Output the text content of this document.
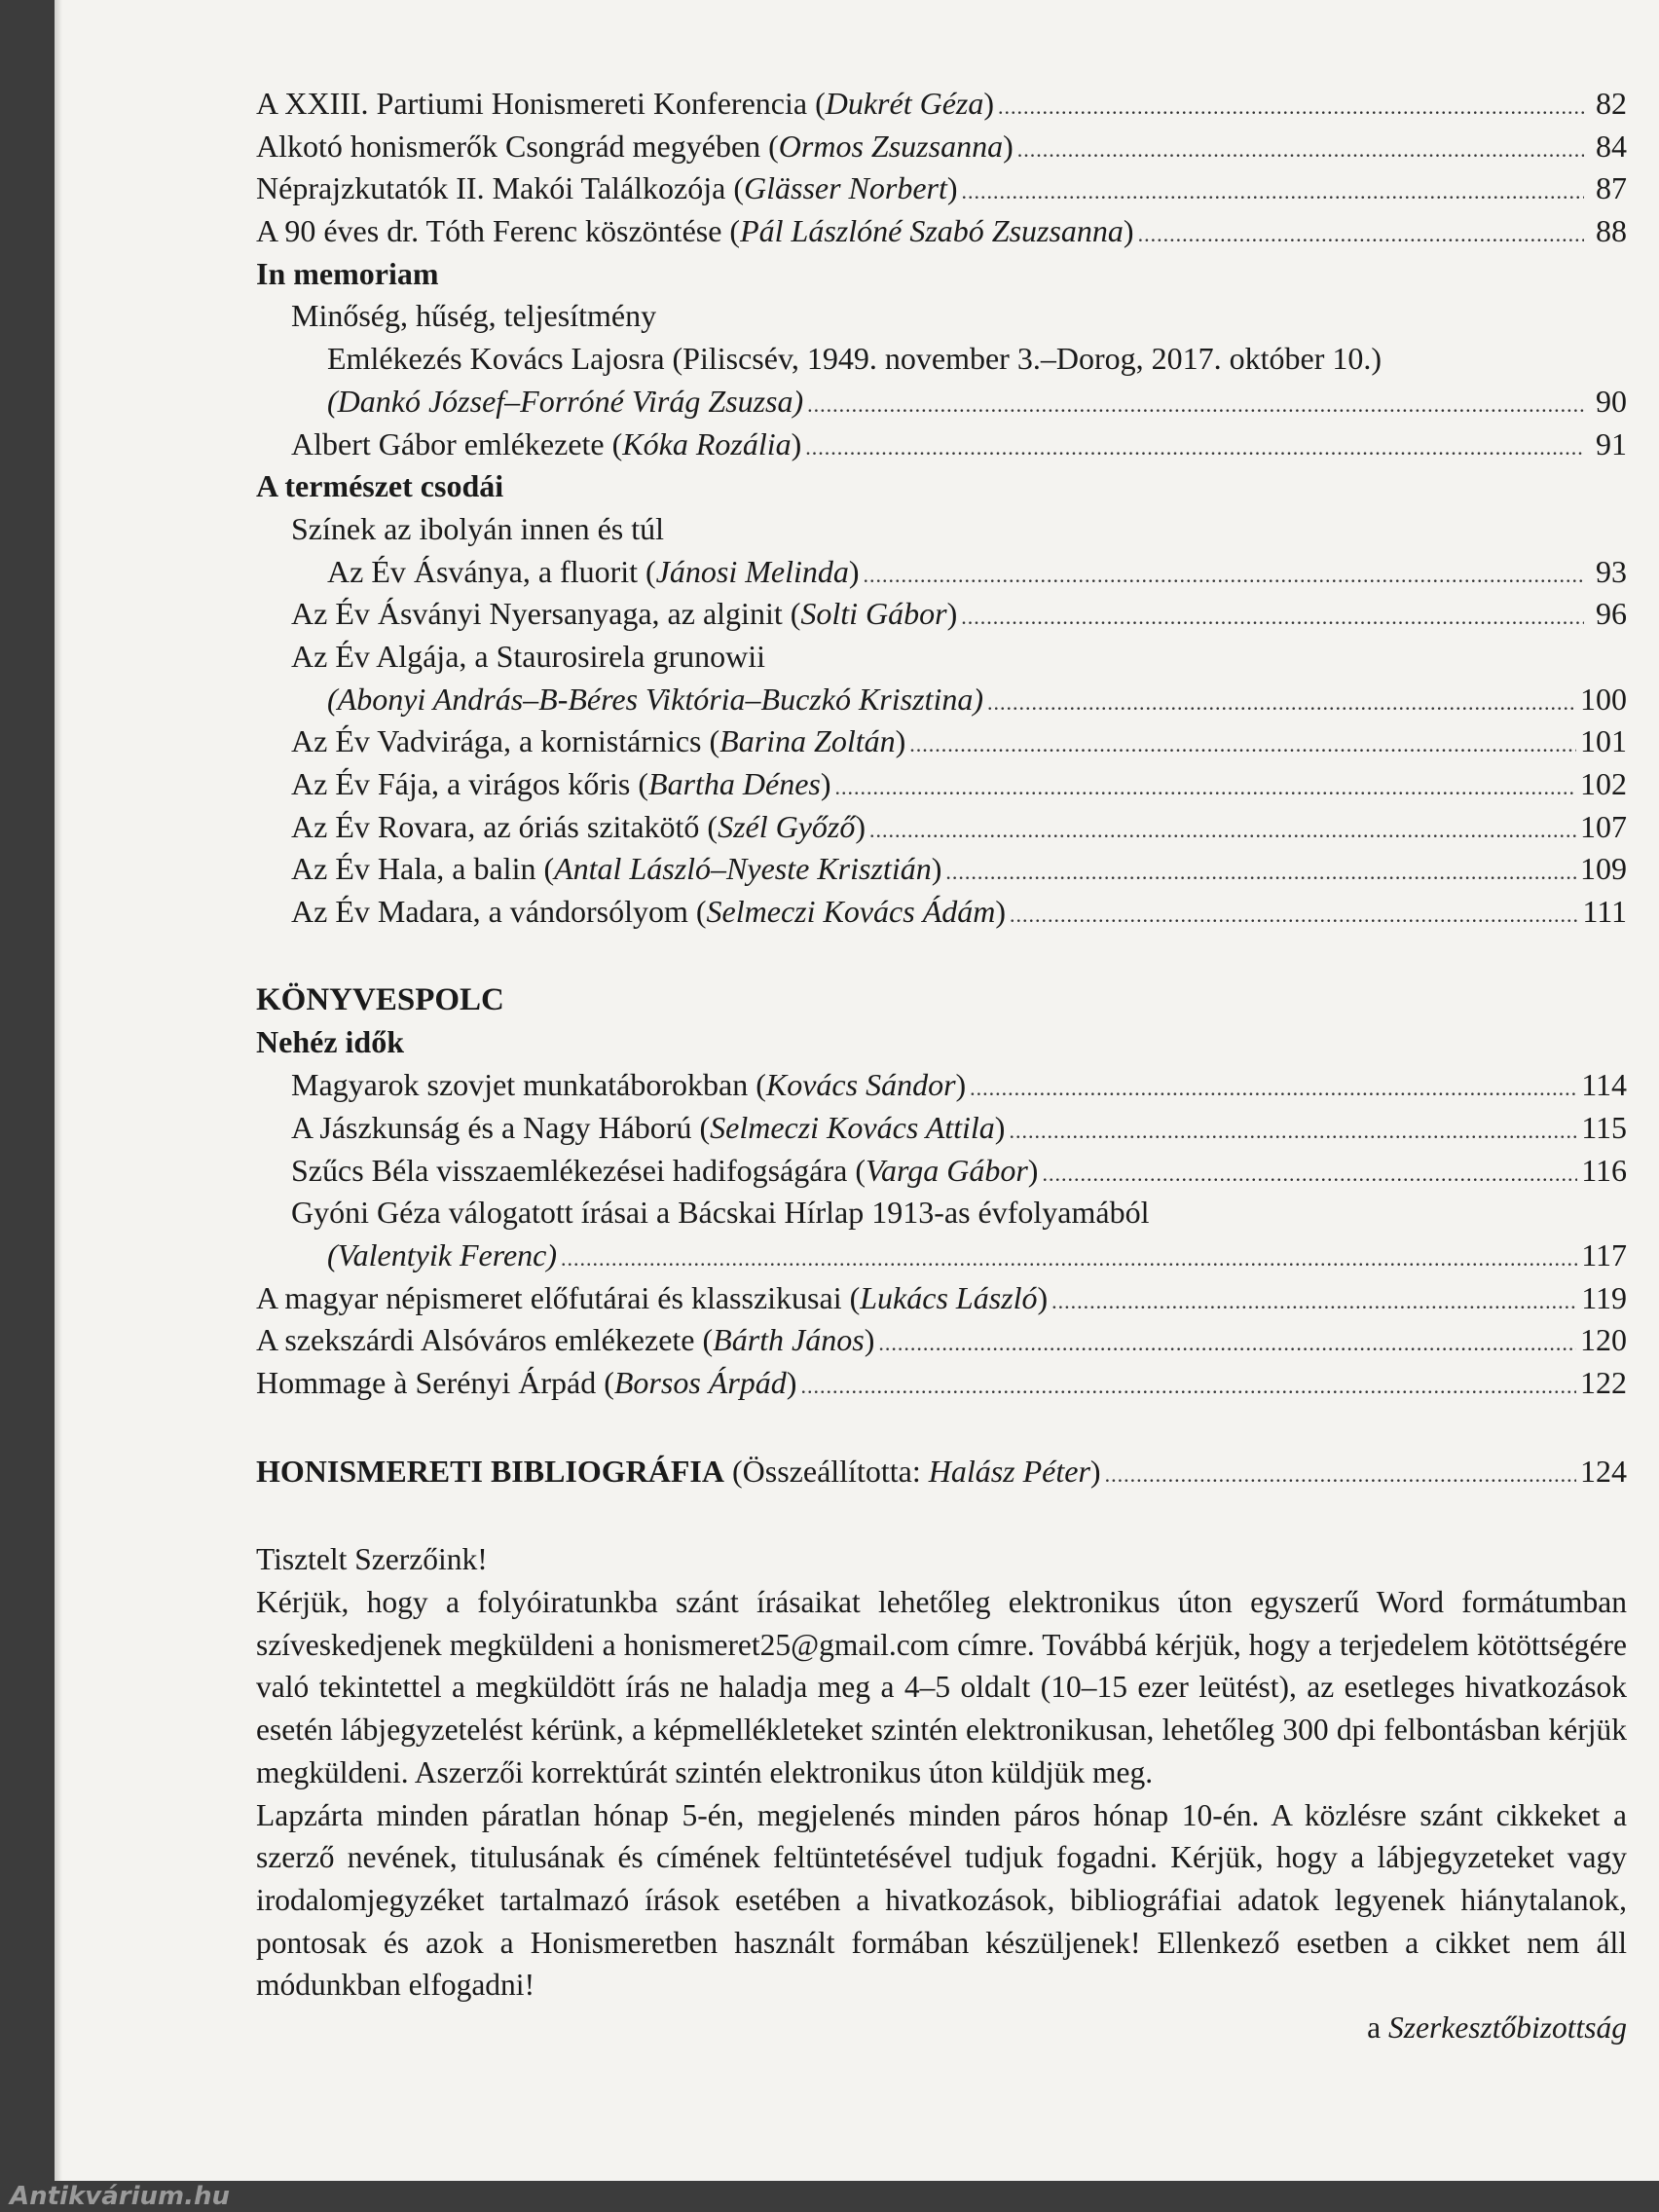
A XXIII. Partiumi Honismereti Konferencia (Dukrét Géza) .....	82
Alkotó honismerők Csongrád megyében (Ormos Zsuzsanna) .....	84
Néprajzkutatók II. Makói Találkozója (Glässer Norbert) .....	87
A 90 éves dr. Tóth Ferenc köszöntése (Pál Lászlóné Szabó Zsuzsanna) .....	88
In memoriam
Minőség, hűség, teljesítmény
Emlékezés Kovács Lajosra (Piliscsév, 1949. november 3.–Dorog, 2017. október 10.)
(Dankó József–Forróné Virág Zsuzsa) .....	90
Albert Gábor emlékezete (Kóka Rozália) .....	91
A természet csodái
Színek az ibolyán innen és túl
Az Év Ásványa, a fluorit (Jánosi Melinda) .....	93
Az Év Ásványi Nyersanyaga, az alginit (Solti Gábor) .....	96
Az Év Algája, a Staurosirela grunowii
(Abonyi András–B-Béres Viktória–Buczkó Krisztina) .....	100
Az Év Vadvirága, a kornistárnics (Barina Zoltán) .....	101
Az Év Fája, a virágos kőris (Bartha Dénes) .....	102
Az Év Rovara, az óriás szitakötő (Szél Győző) .....	107
Az Év Hala, a balin (Antal László–Nyeste Krisztián) .....	109
Az Év Madara, a vándorsólyom (Selmeczi Kovács Ádám) .....	111
KÖNYVESPOLC
Nehéz idők
Magyarok szovjet munkatáborokban (Kovács Sándor) .....	114
A Jászkunság és a Nagy Háború (Selmeczi Kovács Attila) .....	115
Szűcs Béla visszaemlékezései hadifogságára (Varga Gábor) .....	116
Gyóni Géza válogatott írásai a Bácskai Hírlap 1913-as évfolyamából
(Valentyik Ferenc) .....	117
A magyar népismeret előfutárai és klasszikusai (Lukács László) .....	119
A szekszárdi Alsóváros emlékezete (Bárth János) .....	120
Hommage à Serényi Árpád (Borsos Árpád) .....	122
HONISMERETI BIBLIOGRÁFIA (Összeállította: Halász Péter) .....	124

Tisztelt Szerzőink!

Kérjük, hogy a folyóiratunkba szánt írásaikat lehetőleg elektronikus úton egyszerű Word formátumban szíveskedjenek megküldeni a honismeret25@gmail.com címre. Továbbá kérjük, hogy a terjedelem kötöttségére való tekintettel a megküldött írás ne haladja meg a 4–5 oldalt (10–15 ezer leütést), az esetleges hivatkozások esetén lábjegyzetelést kérünk, a képmellékleteket szintén elektronikusan, lehetőleg 300 dpi felbontásban kérjük megküldeni. Aszerzői korrektúrát szintén elektronikus úton küldjük meg.

Lapzárta minden páratlan hónap 5-én, megjelenés minden páros hónap 10-én. A közlésre szánt cikkeket a szerző nevének, titulusának és címének feltüntetésével tudjuk fogadni. Kérjük, hogy a lábjegyzeteket vagy irodalomjegyzéket tartalmazó írások esetében a hivatkozások, bibliográfiai adatok legyenek hiánytalanok, pontosak és azok a Honismeretben használt formában készüljenek! Ellenkező esetben a cikket nem áll módunkban elfogadni!

a Szerkesztőbizottság

Antikvárium.hu
